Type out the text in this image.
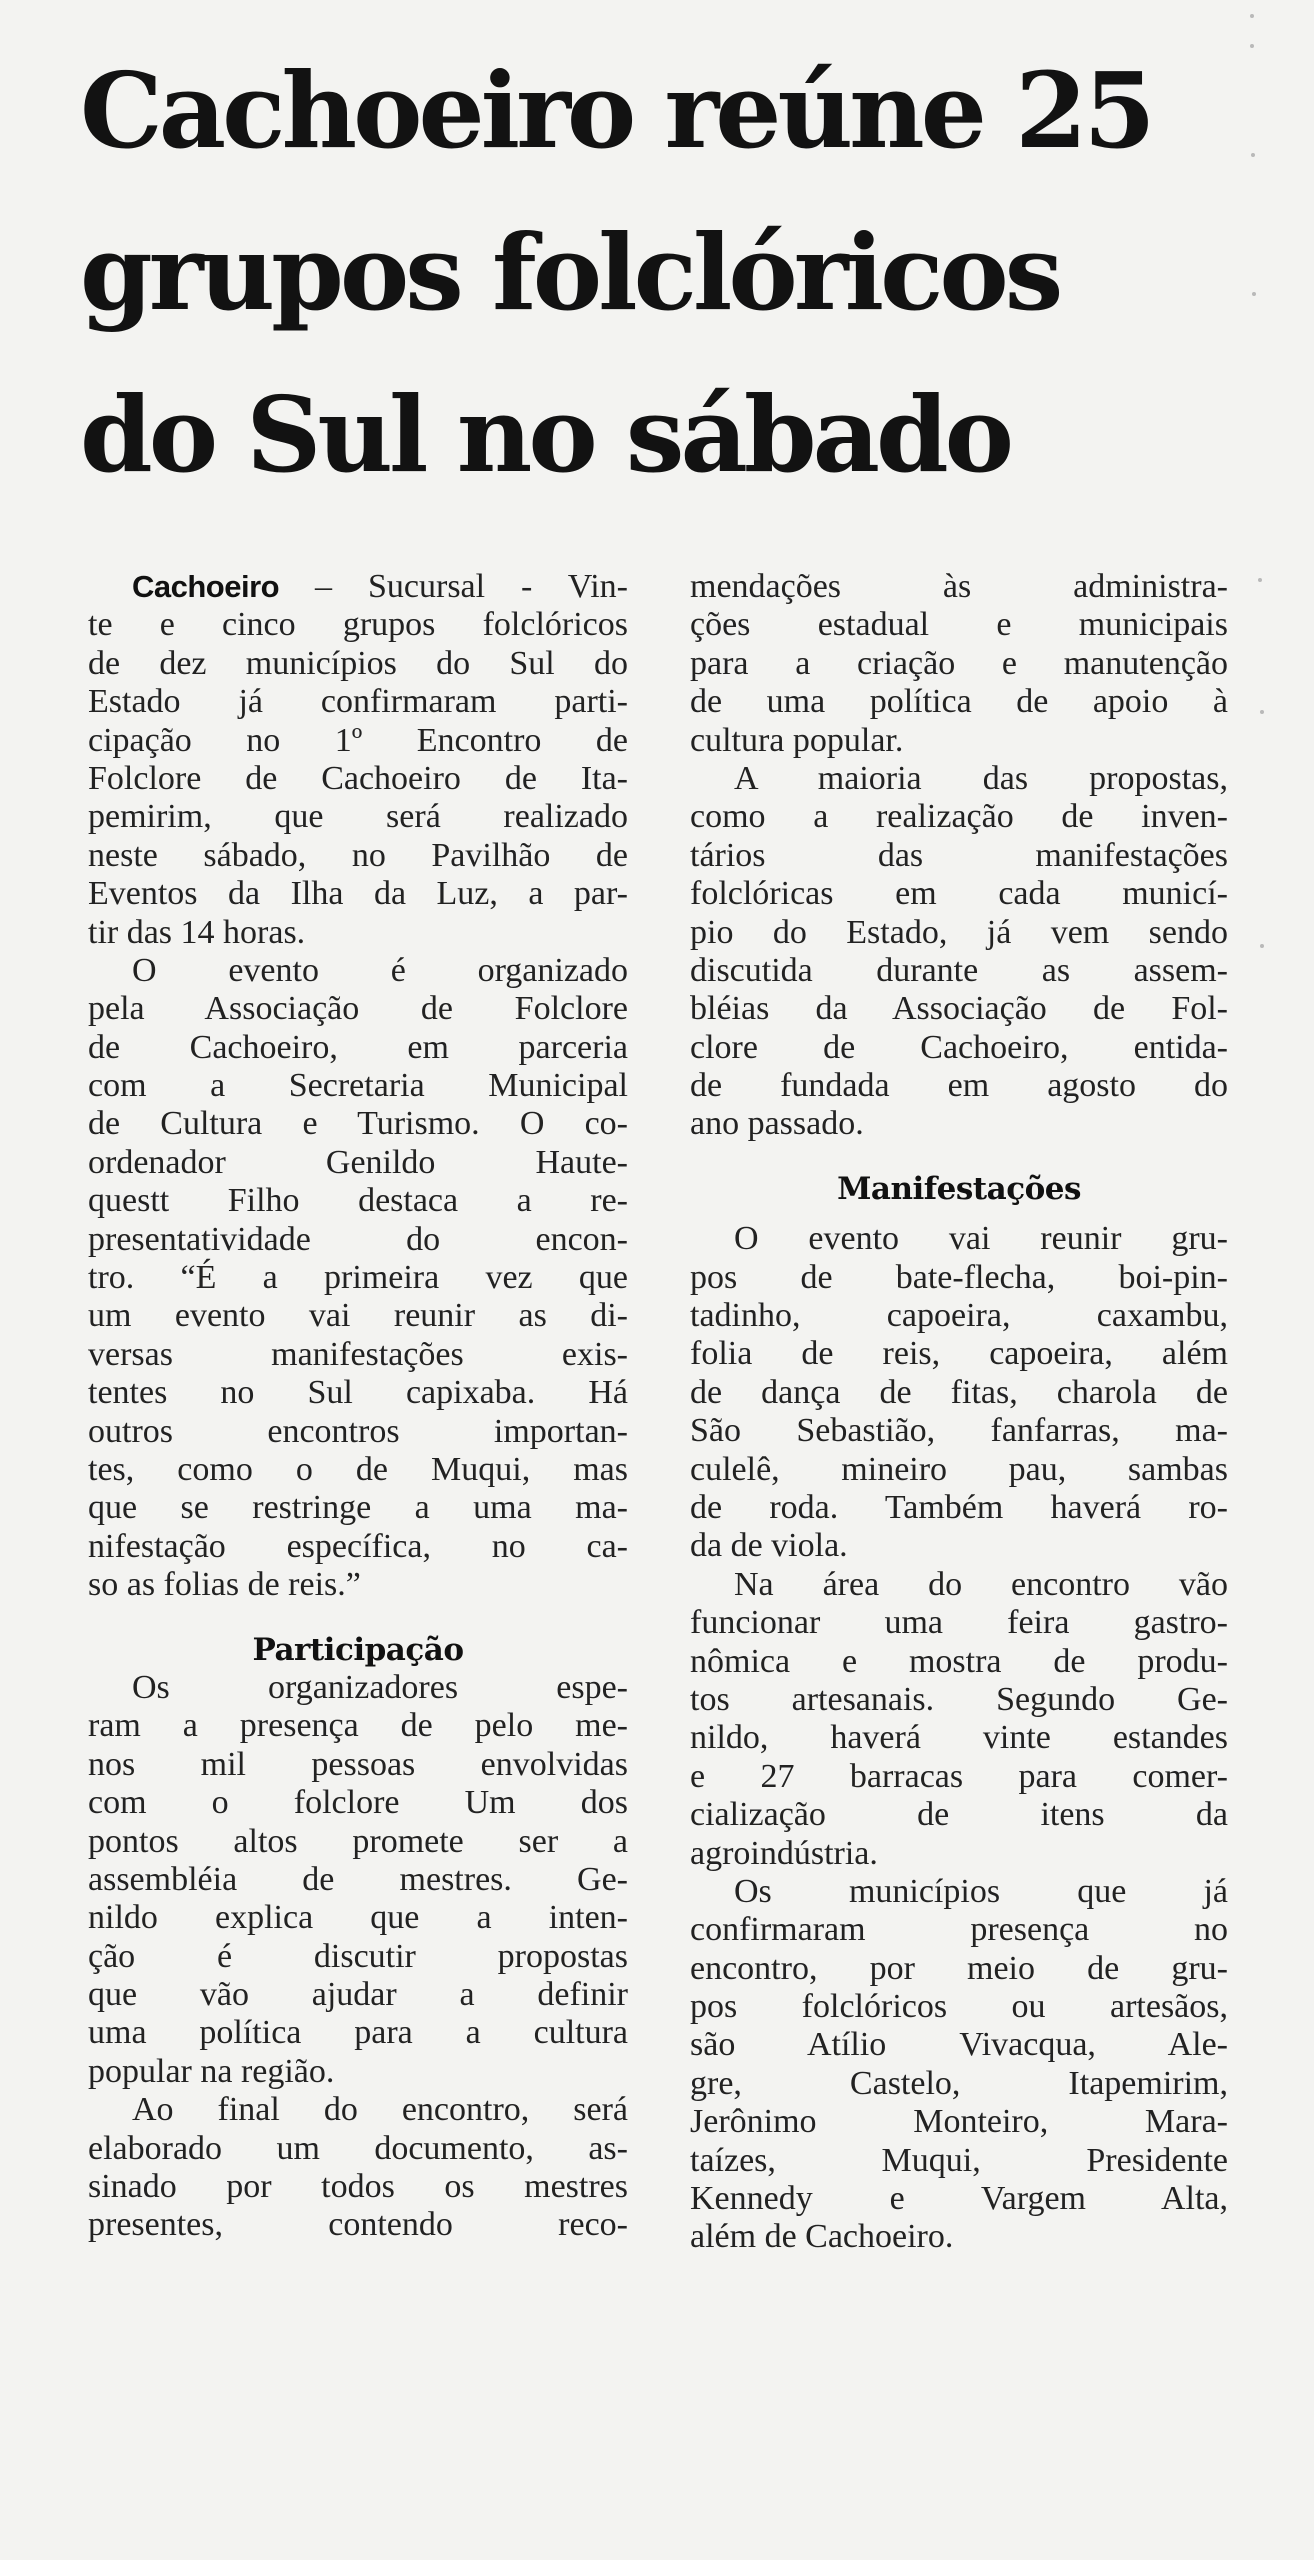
Cachoeiro reúne 25
grupos folclóricos
do Sul no sábado
Cachoeiro – Sucursal - Vin-
te e cinco grupos folclóricos
de dez municípios do Sul do
Estado já confirmaram parti-
cipação no 1º Encontro de
Folclore de Cachoeiro de Ita-
pemirim, que será realizado
neste sábado, no Pavilhão de
Eventos da Ilha da Luz, a par-
tir das 14 horas.
O evento é organizado
pela Associação de Folclore
de Cachoeiro, em parceria
com a Secretaria Municipal
de Cultura e Turismo. O co-
ordenador Genildo Haute-
questt Filho destaca a re-
presentatividade do encon-
tro. “É a primeira vez que
um evento vai reunir as di-
versas manifestações exis-
tentes no Sul capixaba. Há
outros encontros importan-
tes, como o de Muqui, mas
que se restringe a uma ma-
nifestação específica, no ca-
so as folias de reis.”
Participação
Os organizadores espe-
ram a presença de pelo me-
nos mil pessoas envolvidas
com o folclore Um dos
pontos altos promete ser a
assembléia de mestres. Ge-
nildo explica que a inten-
ção é discutir propostas
que vão ajudar a definir
uma política para a cultura
popular na região.
Ao final do encontro, será
elaborado um documento, as-
sinado por todos os mestres
presentes, contendo reco-
mendações às administra-
ções estadual e municipais
para a criação e manutenção
de uma política de apoio à
cultura popular.
A maioria das propostas,
como a realização de inven-
tários das manifestações
folclóricas em cada municí-
pio do Estado, já vem sendo
discutida durante as assem-
bléias da Associação de Fol-
clore de Cachoeiro, entida-
de fundada em agosto do
ano passado.
Manifestações
O evento vai reunir gru-
pos de bate-flecha, boi-pin-
tadinho, capoeira, caxambu,
folia de reis, capoeira, além
de dança de fitas, charola de
São Sebastião, fanfarras, ma-
culelê, mineiro pau, sambas
de roda. Também haverá ro-
da de viola.
Na área do encontro vão
funcionar uma feira gastro-
nômica e mostra de produ-
tos artesanais. Segundo Ge-
nildo, haverá vinte estandes
e 27 barracas para comer-
cialização de itens da
agroindústria.
Os municípios que já
confirmaram presença no
encontro, por meio de gru-
pos folclóricos ou artesãos,
são Atílio Vivacqua, Ale-
gre, Castelo, Itapemirim,
Jerônimo Monteiro, Mara-
taízes, Muqui, Presidente
Kennedy e Vargem Alta,
além de Cachoeiro.
